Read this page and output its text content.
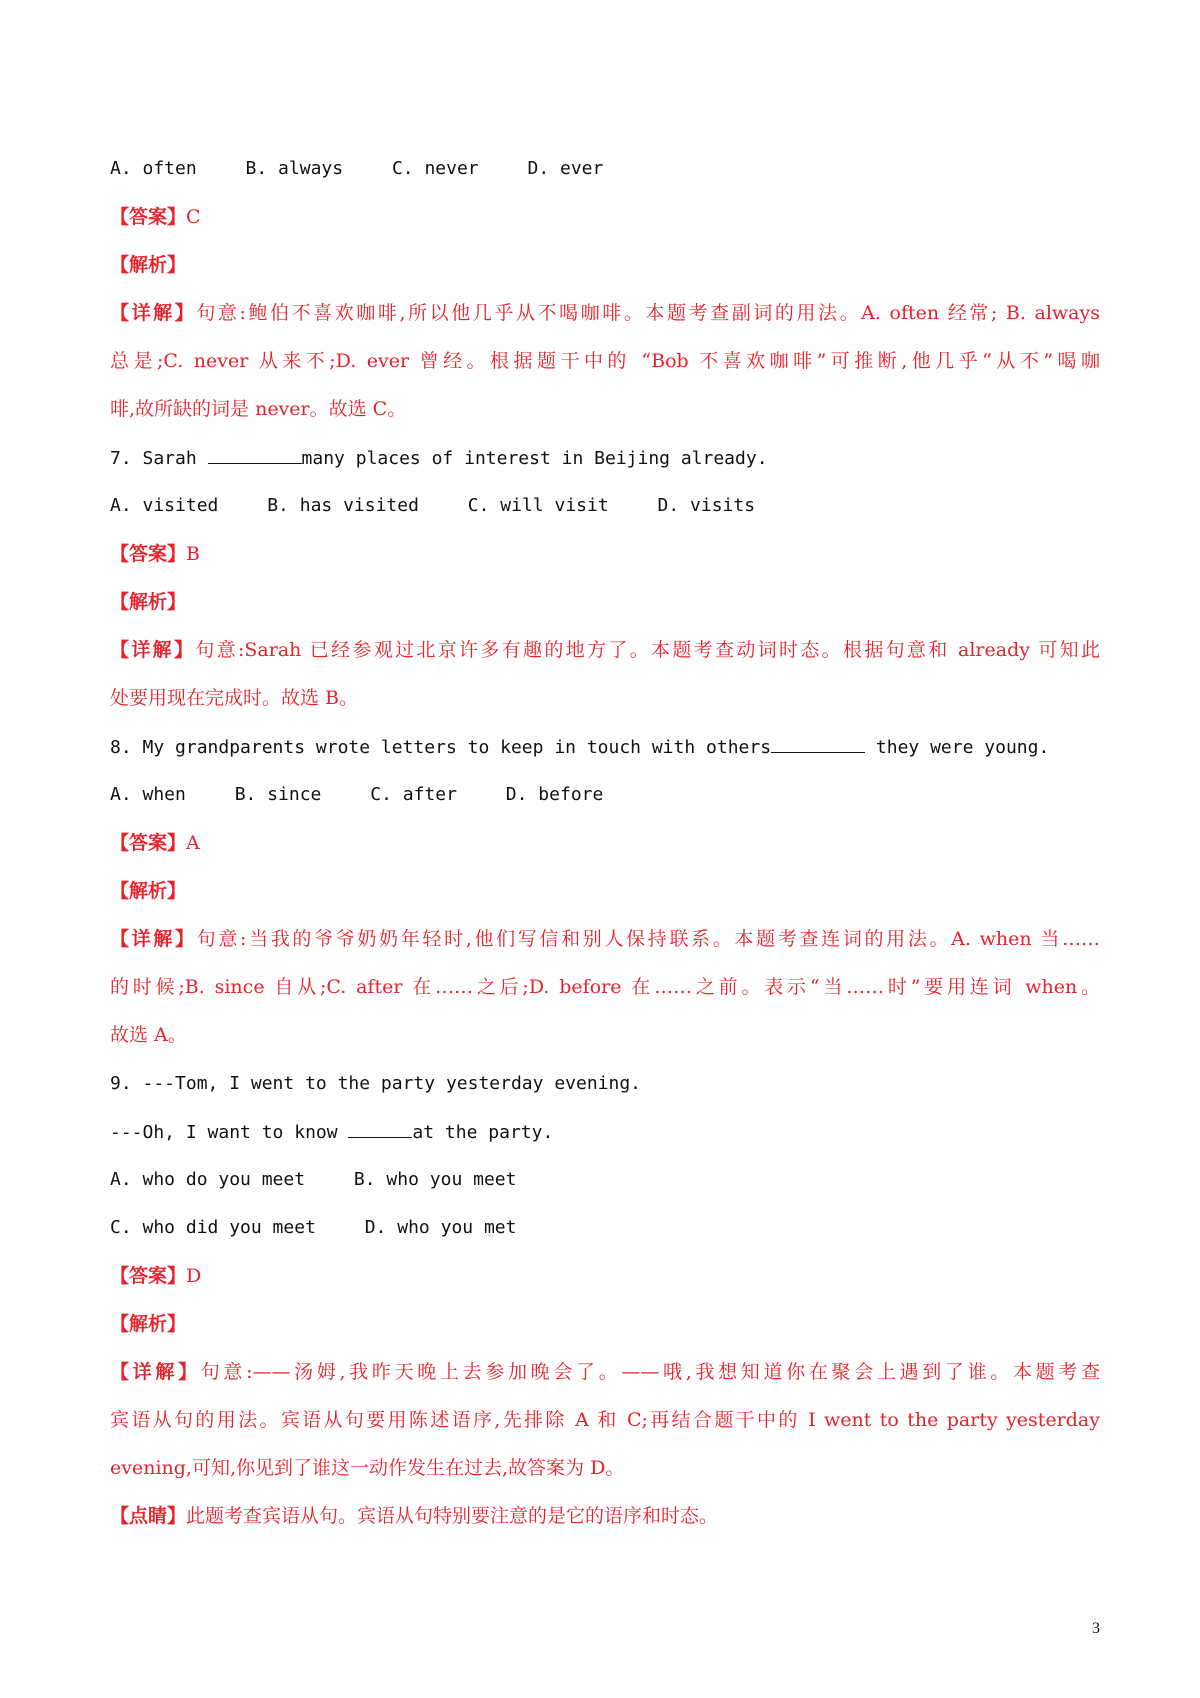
A. often	B. always	C. never	D. ever
【答案】C
【解析】
【详解】句意:鲍伯不喜欢咖啡,所以他几乎从不喝咖啡。本题考查副词的用法。A. often 经常; B. always
总是;C. never 从来不;D. ever 曾经。根据题干中的 “Bob 不喜欢咖啡”可推断,他几乎“从不”喝咖
啡,故所缺的词是 never。故选 C。
7. Sarah	many places of interest in Beijing already.
A. visited	B. has visited	C. will visit	D. visits
【答案】B
【解析】
【详解】句意:Sarah 已经参观过北京许多有趣的地方了。本题考查动词时态。根据句意和 already 可知此
处要用现在完成时。故选 B。
8. My grandparents wrote letters to keep in touch with others	they were young.
A. when	B. since	C. after	D. before
【答案】A
【解析】
【详解】句意:当我的爷爷奶奶年轻时,他们写信和别人保持联系。本题考查连词的用法。A. when 当……
的时候;B. since 自从;C. after 在……之后;D. before 在……之前。表示“当……时”要用连词 when。
故选 A。
9. ---Tom, I went to the party yesterday evening.
---Oh, I want to know	at the party.
A. who do you meet	B. who you meet
C. who did you meet	D. who you met
【答案】D
【解析】
【详解】句意:——汤姆,我昨天晚上去参加晚会了。——哦,我想知道你在聚会上遇到了谁。本题考查
宾语从句的用法。宾语从句要用陈述语序,先排除 A 和 C;再结合题干中的 I went to the party yesterday
evening,可知,你见到了谁这一动作发生在过去,故答案为 D。
【点睛】此题考查宾语从句。宾语从句特别要注意的是它的语序和时态。
3
